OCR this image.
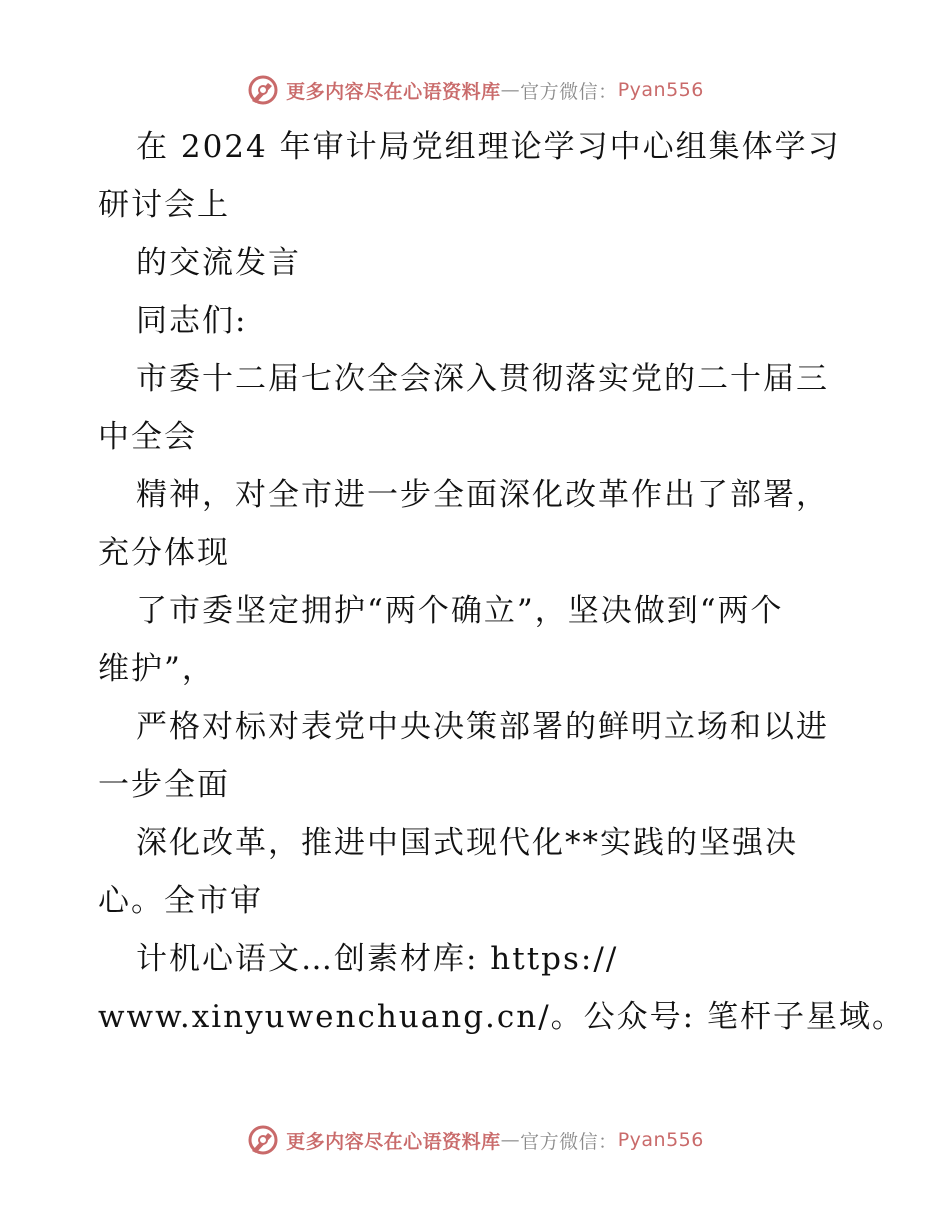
更多内容尽在心语资料库 — 官方微信： Pyan556
在 2024 年审计局党组理论学习中心组集体学习
研讨会上
的交流发言
同志们:
市委十二届七次全会深入贯彻落实党的二十届三
中全会
精神，对全市进一步全面深化改革作出了部署，
充分体现
了市委坚定拥护“两个确立”，坚决做到“两个
维护”，
严格对标对表党中央决策部署的鲜明立场和以进
一步全面
深化改革，推进中国式现代化**实践的坚强决
心。全市审
计机心语文…创素材库: https://
www.xinyuwenchuang.cn/。公众号: 笔杆子星域。
更多内容尽在心语资料库 — 官方微信： Pyan556
